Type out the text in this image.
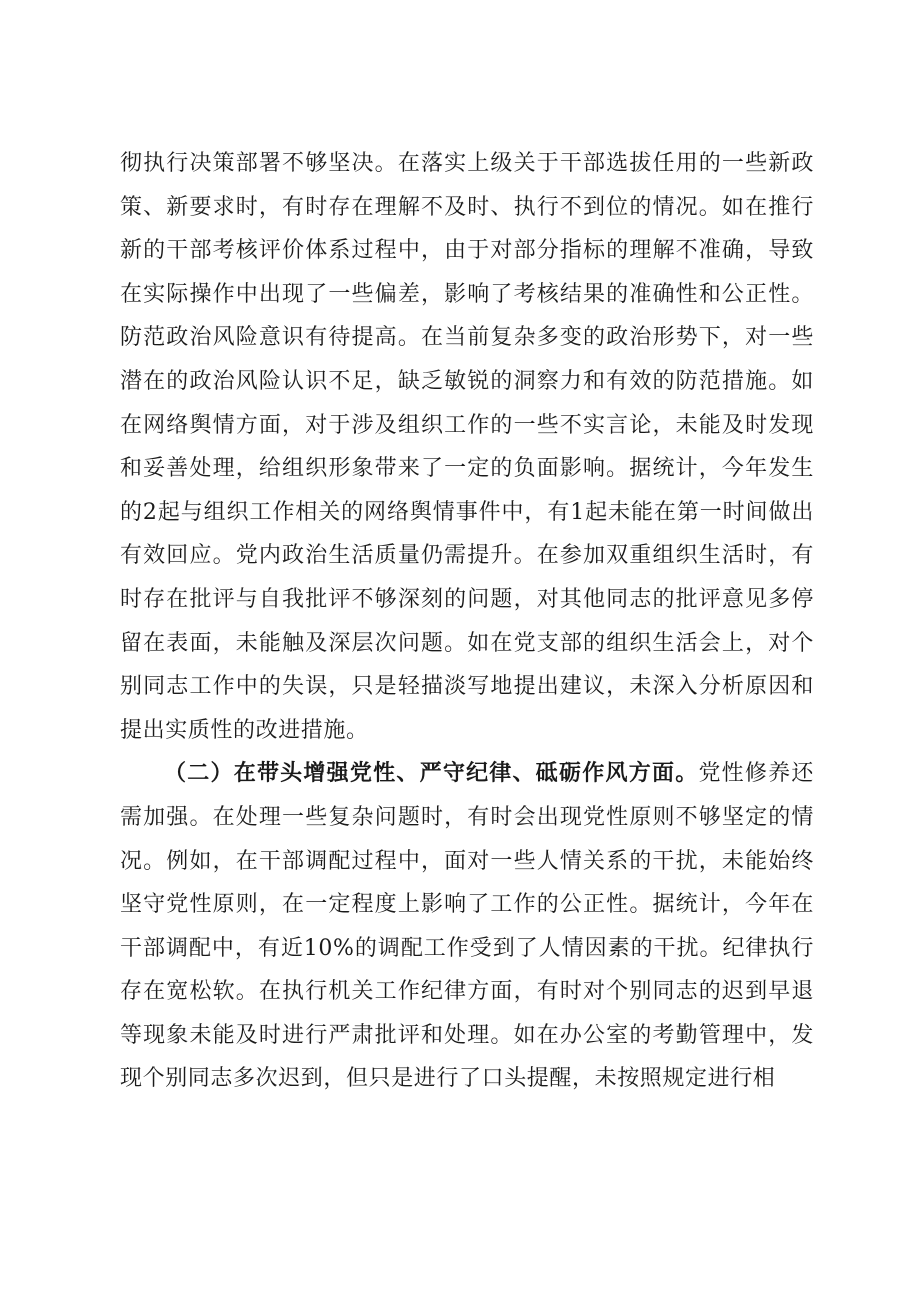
彻执行决策部署不够坚决。在落实上级关于干部选拔任用的一些新政策、新要求时，有时存在理解不及时、执行不到位的情况。如在推行新的干部考核评价体系过程中，由于对部分指标的理解不准确，导致在实际操作中出现了一些偏差，影响了考核结果的准确性和公正性。防范政治风险意识有待提高。在当前复杂多变的政治形势下，对一些潜在的政治风险认识不足，缺乏敏锐的洞察力和有效的防范措施。如在网络舆情方面，对于涉及组织工作的一些不实言论，未能及时发现和妥善处理，给组织形象带来了一定的负面影响。据统计，今年发生的2起与组织工作相关的网络舆情事件中，有1起未能在第一时间做出有效回应。党内政治生活质量仍需提升。在参加双重组织生活时，有时存在批评与自我批评不够深刻的问题，对其他同志的批评意见多停留在表面，未能触及深层次问题。如在党支部的组织生活会上，对个别同志工作中的失误，只是轻描淡写地提出建议，未深入分析原因和提出实质性的改进措施。

（二）在带头增强党性、严守纪律、砥砺作风方面。党性修养还需加强。在处理一些复杂问题时，有时会出现党性原则不够坚定的情况。例如，在干部调配过程中，面对一些人情关系的干扰，未能始终坚守党性原则，在一定程度上影响了工作的公正性。据统计，今年在干部调配中，有近10%的调配工作受到了人情因素的干扰。纪律执行存在宽松软。在执行机关工作纪律方面，有时对个别同志的迟到早退等现象未能及时进行严肃批评和处理。如在办公室的考勤管理中，发现个别同志多次迟到，但只是进行了口头提醒，未按照规定进行相
